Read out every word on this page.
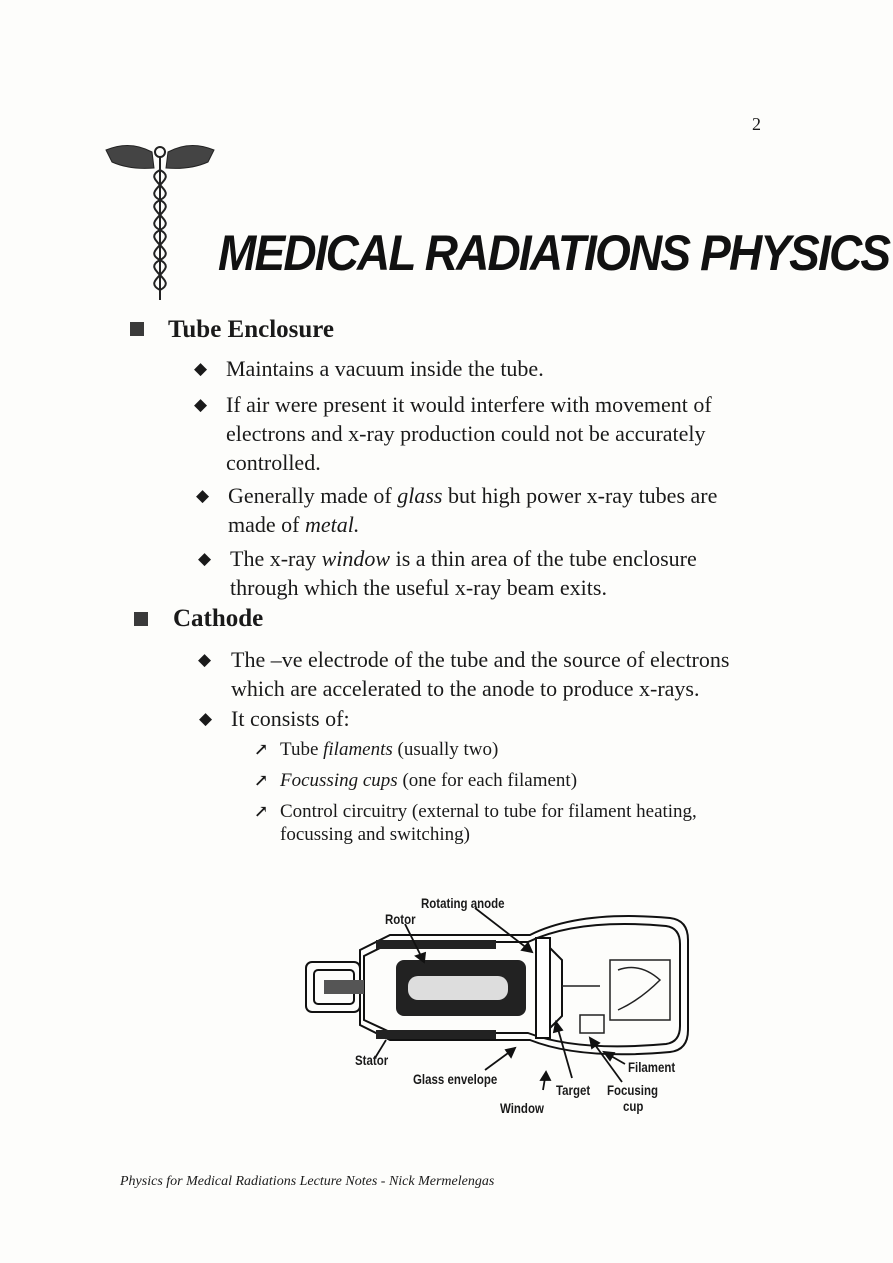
2
MEDICAL RADIATIONS PHYSICS
Tube Enclosure
◆ Maintains a vacuum inside the tube.
◆ If air were present it would interfere with movement of
electrons and x-ray production could not be accurately
controlled.
◆ Generally made of glass but high power x-ray tubes are
made of metal.
◆ The x-ray window is a thin area of the tube enclosure
through which the useful x-ray beam exits.
Cathode
◆ The –ve electrode of the tube and the source of electrons
which are accelerated to the anode to produce x-rays.
◆ It consists of:
↗ Tube filaments (usually two)
↗ Focussing cups (one for each filament)
↗ Control circuitry (external to tube for filament heating,
focussing and switching)
Rotating anode
Rotor
Stator
Glass envelope
Window
Target Focusing
cup
Filament
Physics for Medical Radiations Lecture Notes - Nick Mermelengas
